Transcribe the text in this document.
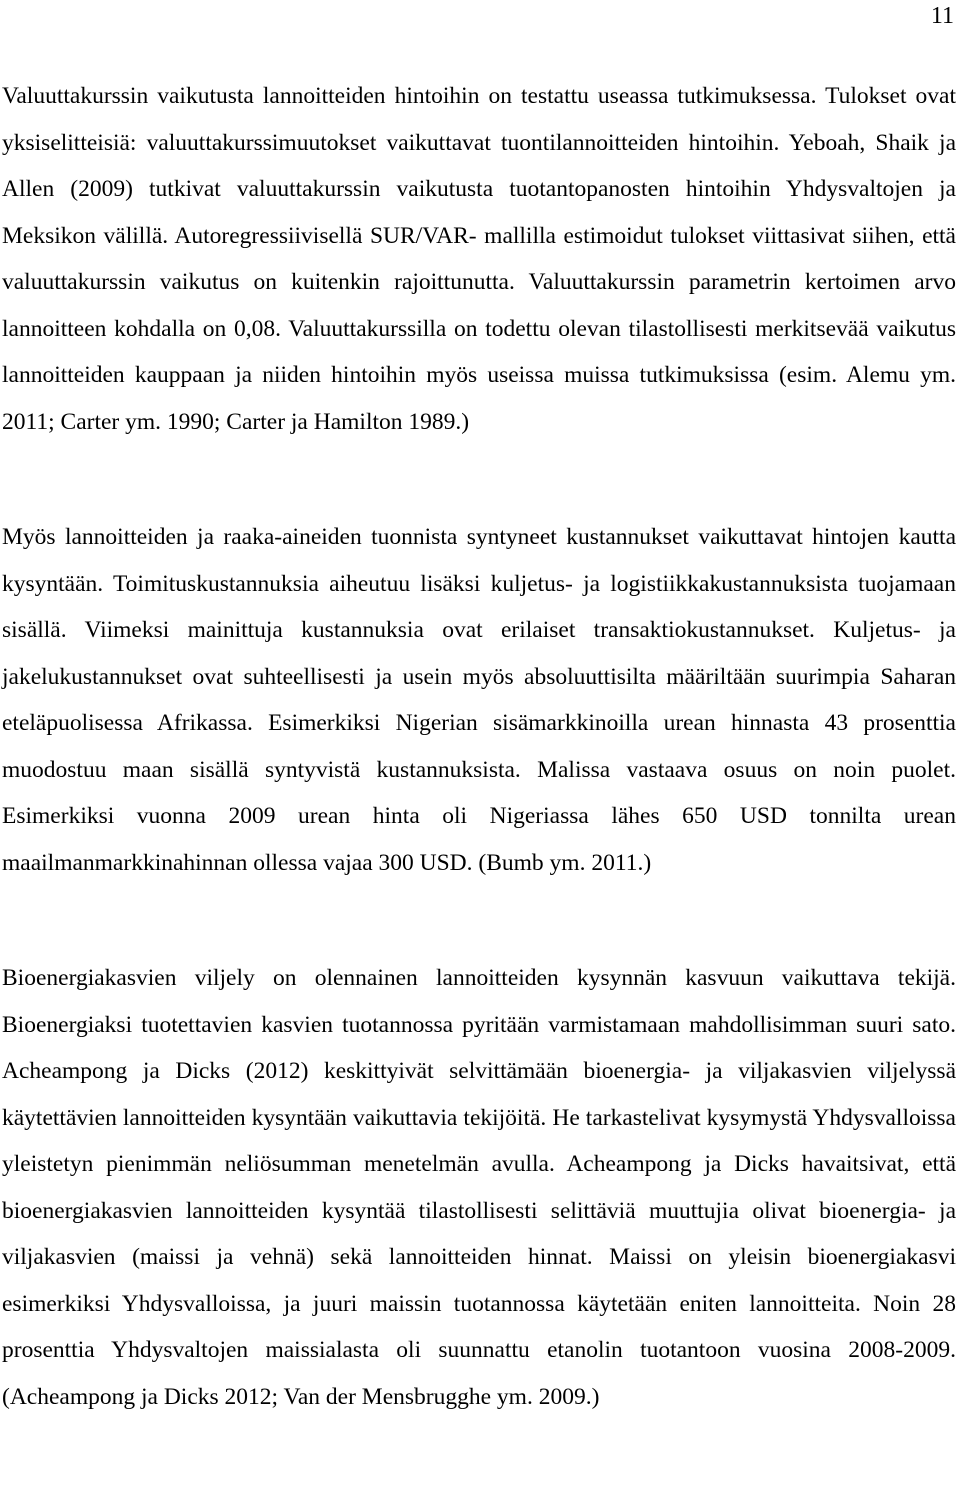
11

Valuuttakurssin vaikutusta lannoitteiden hintoihin on testattu useassa tutkimuksessa. Tulokset ovat yksiselitteisiä: valuuttakurssimuutokset vaikuttavat tuontilannoitteiden hintoihin. Yeboah, Shaik ja Allen (2009) tutkivat valuuttakurssin vaikutusta tuotantopanosten hintoihin Yhdysvaltojen ja Meksikon välillä. Autoregressiivisellä SUR/VAR- mallilla estimoidut tulokset viittasivat siihen, että valuuttakurssin vaikutus on kuitenkin rajoittunutta. Valuuttakurssin parametrin kertoimen arvo lannoitteen kohdalla on 0,08. Valuuttakurssilla on todettu olevan tilastollisesti merkitsevää vaikutus lannoitteiden kauppaan ja niiden hintoihin myös useissa muissa tutkimuksissa (esim. Alemu ym. 2011; Carter ym. 1990; Carter ja Hamilton 1989.)

Myös lannoitteiden ja raaka-aineiden tuonnista syntyneet kustannukset vaikuttavat hintojen kautta kysyntään. Toimituskustannuksia aiheutuu lisäksi kuljetus- ja logistiikkakustannuksista tuojamaan sisällä. Viimeksi mainittuja kustannuksia ovat erilaiset transaktiokustannukset. Kuljetus- ja jakelukustannukset ovat suhteellisesti ja usein myös absoluuttisilta määriltään suurimpia Saharan eteläpuolisessa Afrikassa. Esimerkiksi Nigerian sisämarkkinoilla urean hinnasta 43 prosenttia muodostuu maan sisällä syntyvistä kustannuksista. Malissa vastaava osuus on noin puolet. Esimerkiksi vuonna 2009 urean hinta oli Nigeriassa lähes 650 USD tonnilta urean maailmanmarkkinahinnan ollessa vajaa 300 USD. (Bumb ym. 2011.)

Bioenergiakasvien viljely on olennainen lannoitteiden kysynnän kasvuun vaikuttava tekijä. Bioenergiaksi tuotettavien kasvien tuotannossa pyritään varmistamaan mahdollisimman suuri sato. Acheampong ja Dicks (2012) keskittyivät selvittämään bioenergia- ja viljakasvien viljelyssä käytettävien lannoitteiden kysyntään vaikuttavia tekijöitä. He tarkastelivat kysymystä Yhdysvalloissa yleistetyn pienimmän neliösumman menetelmän avulla. Acheampong ja Dicks havaitsivat, että bioenergiakasvien lannoitteiden kysyntää tilastollisesti selittäviä muuttujia olivat bioenergia- ja viljakasvien (maissi ja vehnä) sekä lannoitteiden hinnat. Maissi on yleisin bioenergiakasvi esimerkiksi Yhdysvalloissa, ja juuri maissin tuotannossa käytetään eniten lannoitteita. Noin 28 prosenttia Yhdysvaltojen maissialasta oli suunnattu etanolin tuotantoon vuosina 2008-2009. (Acheampong ja Dicks 2012; Van der Mensbrugghe ym. 2009.)
